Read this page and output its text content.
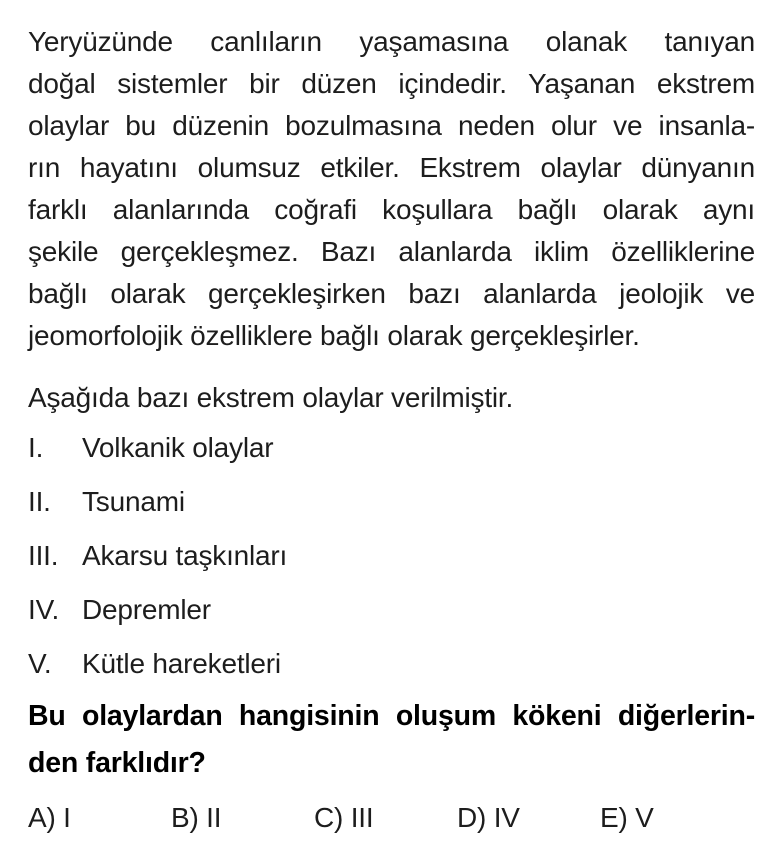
Yeryüzünde canlıların yaşamasına olanak tanıyan
doğal sistemler bir düzen içindedir. Yaşanan ekstrem
olaylar bu düzenin bozulmasına neden olur ve insanla-
rın hayatını olumsuz etkiler. Ekstrem olaylar dünyanın
farklı alanlarında coğrafi koşullara bağlı olarak aynı
şekile gerçekleşmez. Bazı alanlarda iklim özelliklerine
bağlı olarak gerçekleşirken bazı alanlarda jeolojik ve
jeomorfolojik özelliklere bağlı olarak gerçekleşirler.
Aşağıda bazı ekstrem olaylar verilmiştir.
I.	Volkanik olaylar
II.	Tsunami
III. Akarsu taşkınları
IV. Depremler
V.	Kütle hareketleri
Bu olaylardan hangisinin oluşum kökeni diğerlerin-
den farklıdır?
A) I	B) II	C) III	D) IV	E) V
